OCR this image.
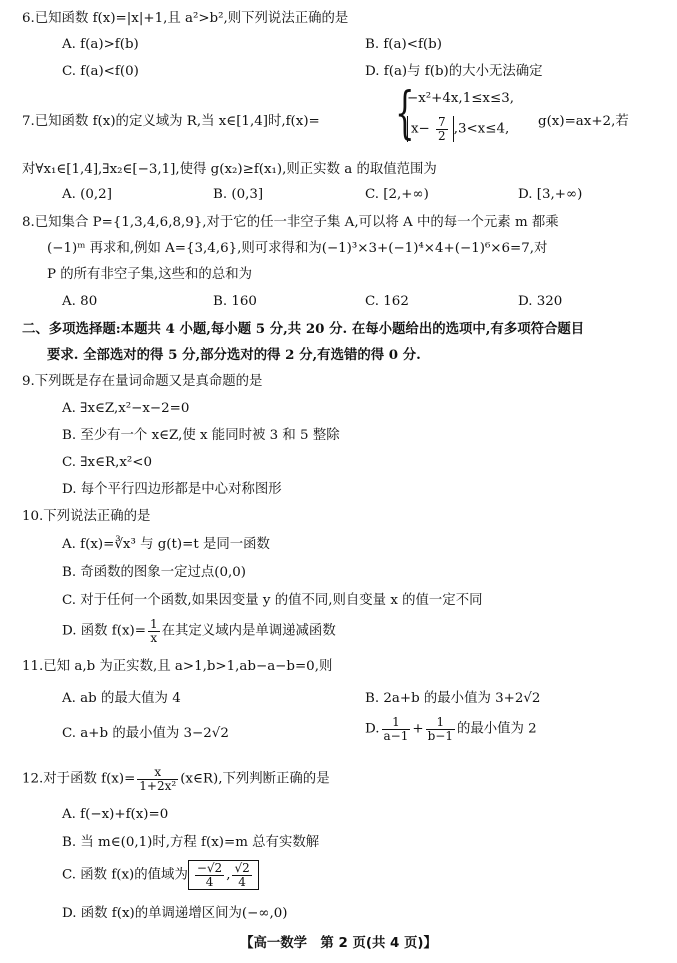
6.已知函数 f(x)=|x|+1,且 a²>b²,则下列说法正确的是
A. f(a)>f(b)	B. f(a)<f(b)
C. f(a)<f(0)	D. f(a)与 f(b)的大小无法确定
7.已知函数 f(x)的定义域为 R,当 x∈[1,4]时,f(x)= {
−x²+4x,1≤x≤3,
$x- \frac{7}{2} ,3<x\le 4$,
g(x)=ax+2,若
对∀x₁∈[1,4],∃x₂∈[−3,1],使得 g(x₂)≥f(x₁),则正实数 a 的取值范围为
A. (0,2]	B. (0,3]	C. [2,+∞)	D. [3,+∞)
8.已知集合 P={1,3,4,6,8,9},对于它的任一非空子集 A,可以将 A 中的每一个元素 m 都乘
(−1)ᵐ 再求和,例如 A={3,4,6},则可求得和为(−1)³×3+(−1)⁴×4+(−1)⁶×6=7,对
P 的所有非空子集,这些和的总和为
A. 80	B. 160	C. 162	D. 320
二、多项选择题:本题共 4 小题,每小题 5 分,共 20 分. 在每小题给出的选项中,有多项符合题目
要求. 全部选对的得 5 分,部分选对的得 2 分,有选错的得 0 分.
9.下列既是存在量词命题又是真命题的是
A. ∃x∈Z,x²−x−2=0
B. 至少有一个 x∈Z,使 x 能同时被 3 和 5 整除
C. ∃x∈R,x²<0
D. 每个平行四边形都是中心对称图形
10.下列说法正确的是
A. f(x)=∛x³ 与 g(t)=t 是同一函数
B. 奇函数的图象一定过点(0,0)
C. 对于任何一个函数,如果因变量 y 的值不同,则自变量 x 的值一定不同
D. 函数 $f(x)= \frac{1}{x}$ 在其定义域内是单调递减函数
11.已知 a,b 为正实数,且 a>1,b>1,ab−a−b=0,则
A. ab 的最大值为 4	B. 2a+b 的最小值为 3+2√2
C. a+b 的最小值为 3−2√2	D. $\frac{1}{a-1} + \frac{1}{b-1}$ 的最小值为 2
12.对于函数 $f(x)= \frac{x}{\text{1+2x²}}$ (x∈R),下列判断正确的是
A. f(−x)+f(x)=0
B. 当 m∈(0,1)时,方程 f(x)=m 总有实数解
C. 函数 f(x)的值域为 $\frac{-√2}{4}$ , $\frac{√2}{4}$
D. 函数 f(x)的单调递增区间为(−∞,0)
【高一数学　第 2 页(共 4 页)】
